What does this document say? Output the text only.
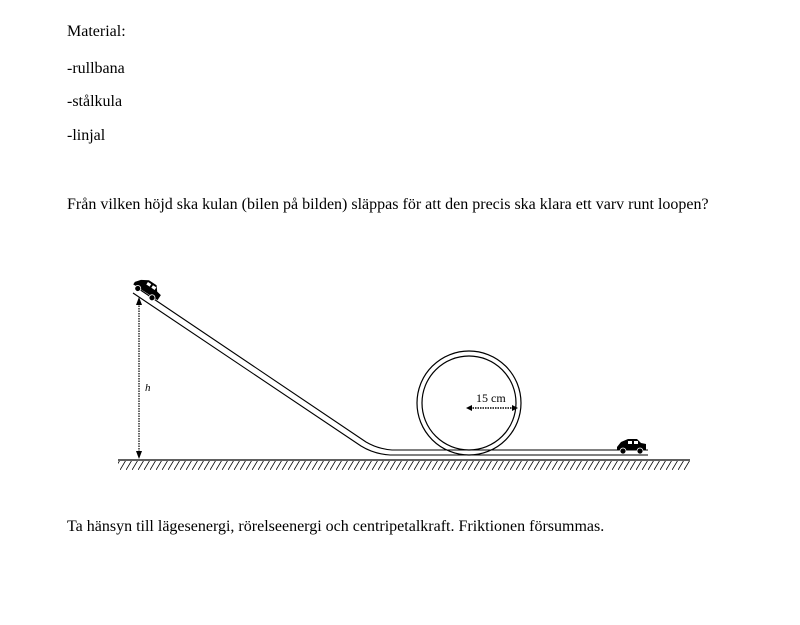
Material:
-rullbana
-stålkula
-linjal
Från vilken höjd ska kulan (bilen på bilden) släppas för att den precis ska klara ett varv runt loopen?
15 cm
h
Ta hänsyn till lägesenergi, rörelseenergi och centripetalkraft. Friktionen försummas.
